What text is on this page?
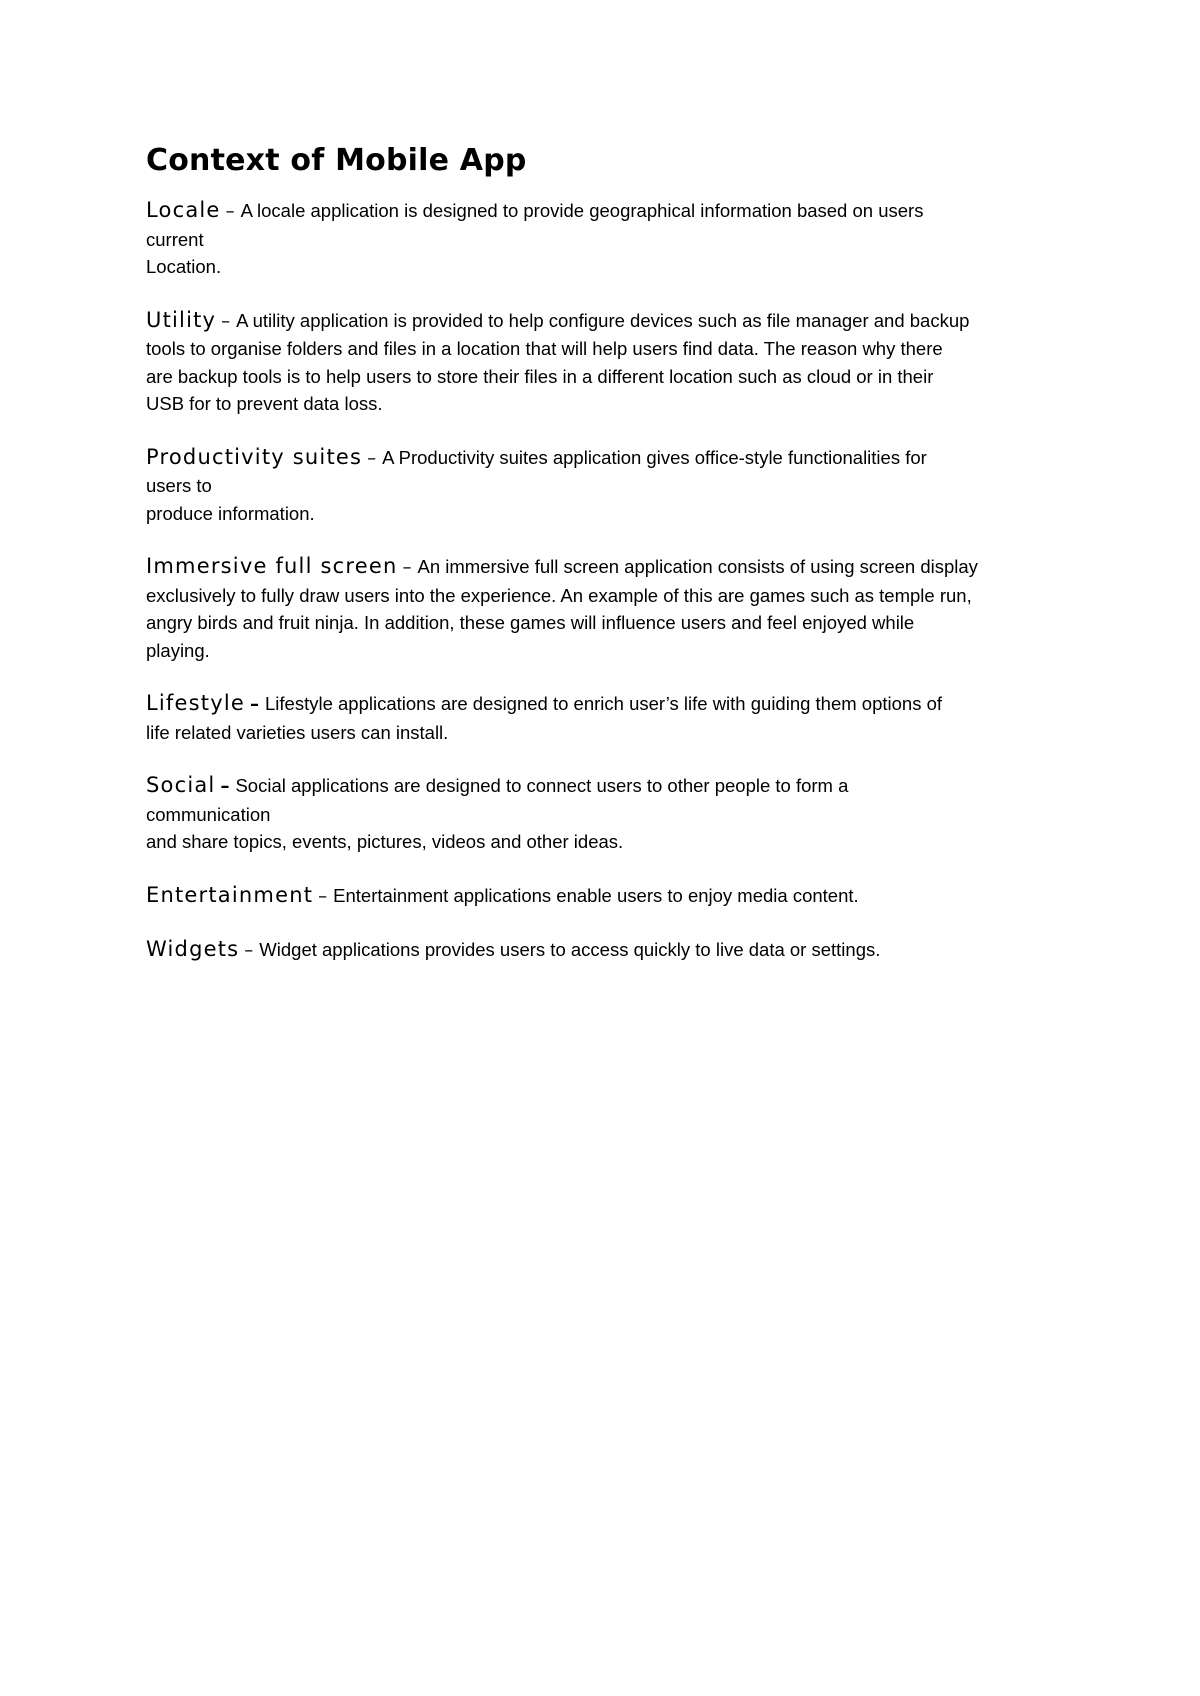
Context of Mobile App
Locale – A locale application is designed to provide geographical information based on users
current
Location.
Utility – A utility application is provided to help configure devices such as file manager and backup
tools to organise folders and files in a location that will help users find data. The reason why there
are backup tools is to help users to store their files in a different location such as cloud or in their
USB for to prevent data loss.
Productivity suites – A Productivity suites application gives office-style functionalities for
users to
produce information.
Immersive full screen – An immersive full screen application consists of using screen display
exclusively to fully draw users into the experience. An example of this are games such as temple run,
angry birds and fruit ninja. In addition, these games will influence users and feel enjoyed while
playing.
Lifestyle – Lifestyle applications are designed to enrich user’s life with guiding them options of
life related varieties users can install.
Social – Social applications are designed to connect users to other people to form a
communication
and share topics, events, pictures, videos and other ideas.
Entertainment – Entertainment applications enable users to enjoy media content.
Widgets – Widget applications provides users to access quickly to live data or settings.
